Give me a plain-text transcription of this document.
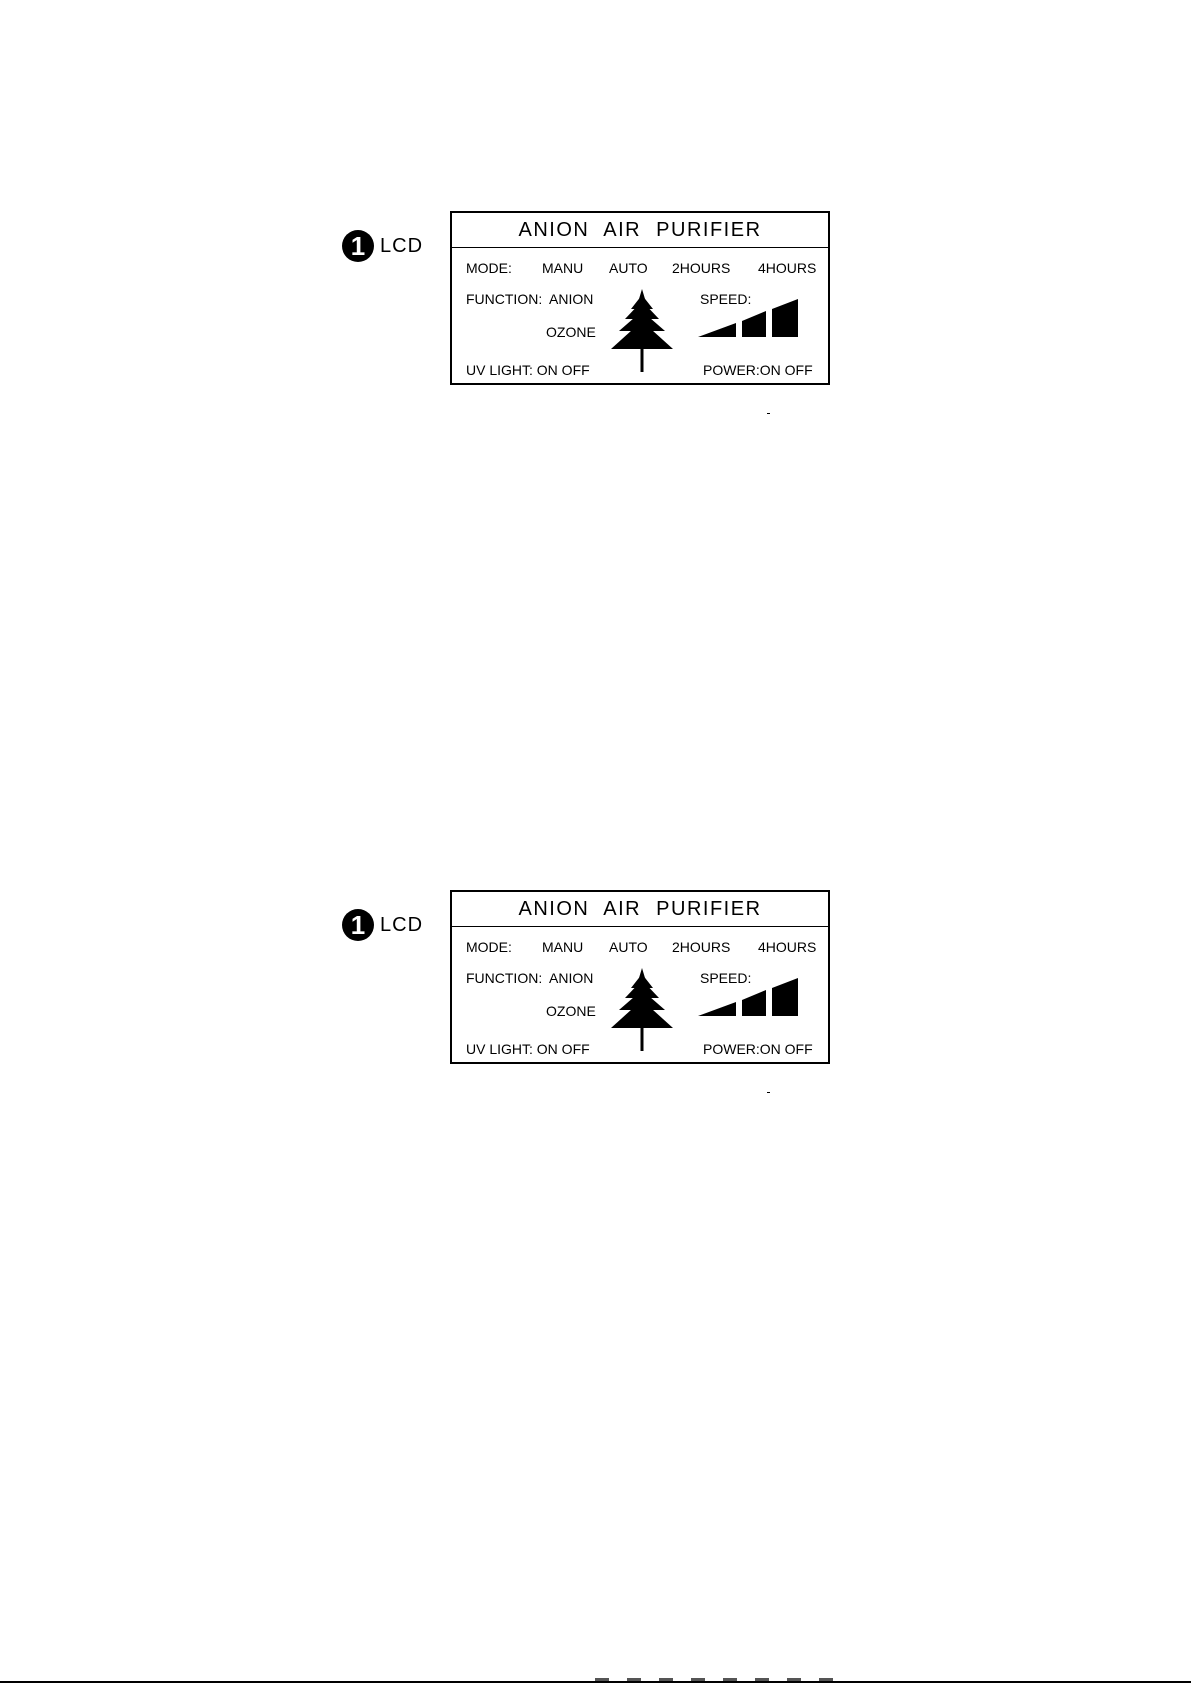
1 LCD
ANION AIR PURIFIER
MODE: MANU AUTO 2HOURS 4HOURS
FUNCTION: ANION
OZONE
SPEED:
UV LIGHT: ON OFF	POWER:ON OFF
1 LCD
ANION AIR PURIFIER
MODE: MANU AUTO 2HOURS 4HOURS
FUNCTION: ANION
OZONE
SPEED:
UV LIGHT: ON OFF	POWER:ON OFF
